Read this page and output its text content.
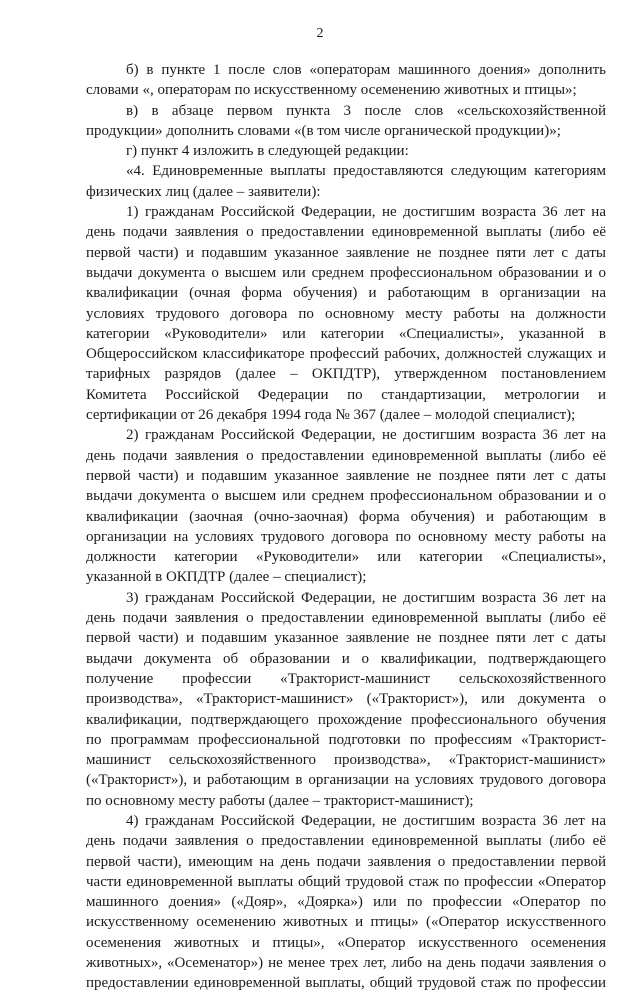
2
б) в пункте 1 после слов «операторам машинного доения» дополнить
словами «, операторам по искусственному осеменению животных и птицы»;
в) в абзаце первом пункта 3 после слов «сельскохозяйственной
продукции» дополнить словами «(в том числе органической продукции)»;
г) пункт 4 изложить в следующей редакции:
«4. Единовременные выплаты предоставляются следующим категориям
физических лиц (далее – заявители):
1) гражданам Российской Федерации, не достигшим возраста 36 лет на
день подачи заявления о предоставлении единовременной выплаты (либо её
первой части) и подавшим указанное заявление не позднее пяти лет с даты
выдачи документа о высшем или среднем профессиональном образовании и о
квалификации (очная форма обучения) и работающим в организации на
условиях трудового договора по основному месту работы на должности
категории «Руководители» или категории «Специалисты», указанной в
Общероссийском классификаторе профессий рабочих, должностей служащих и
тарифных разрядов (далее – ОКПДТР), утвержденном постановлением
Комитета Российской Федерации по стандартизации, метрологии и
сертификации от 26 декабря 1994 года № 367 (далее – молодой специалист);
2) гражданам Российской Федерации, не достигшим возраста 36 лет на
день подачи заявления о предоставлении единовременной выплаты (либо её
первой части) и подавшим указанное заявление не позднее пяти лет с даты
выдачи документа о высшем или среднем профессиональном образовании и о
квалификации (заочная (очно-заочная) форма обучения) и работающим в
организации на условиях трудового договора по основному месту работы на
должности категории «Руководители» или категории «Специалисты»,
указанной в ОКПДТР (далее – специалист);
3) гражданам Российской Федерации, не достигшим возраста 36 лет на
день подачи заявления о предоставлении единовременной выплаты (либо её
первой части) и подавшим указанное заявление не позднее пяти лет с даты
выдачи документа об образовании и о квалификации, подтверждающего
получение профессии «Тракторист-машинист сельскохозяйственного
производства», «Тракторист-машинист» («Тракторист»), или документа о
квалификации, подтверждающего прохождение профессионального обучения
по программам профессиональной подготовки по профессиям «Тракторист-
машинист сельскохозяйственного производства», «Тракторист-машинист»
(«Тракторист»), и работающим в организации на условиях трудового договора
по основному месту работы (далее – тракторист-машинист);
4) гражданам Российской Федерации, не достигшим возраста 36 лет на
день подачи заявления о предоставлении единовременной выплаты (либо её
первой части), имеющим на день подачи заявления о предоставлении первой
части единовременной выплаты общий трудовой стаж по профессии «Оператор
машинного доения» («Дояр», «Доярка») или по профессии «Оператор по
искусственному осеменению животных и птицы» («Оператор искусственного
осеменения животных и птицы», «Оператор искусственного осеменения
животных», «Осеменатор») не менее трех лет, либо на день подачи заявления о
предоставлении единовременной выплаты, общий трудовой стаж по профессии
